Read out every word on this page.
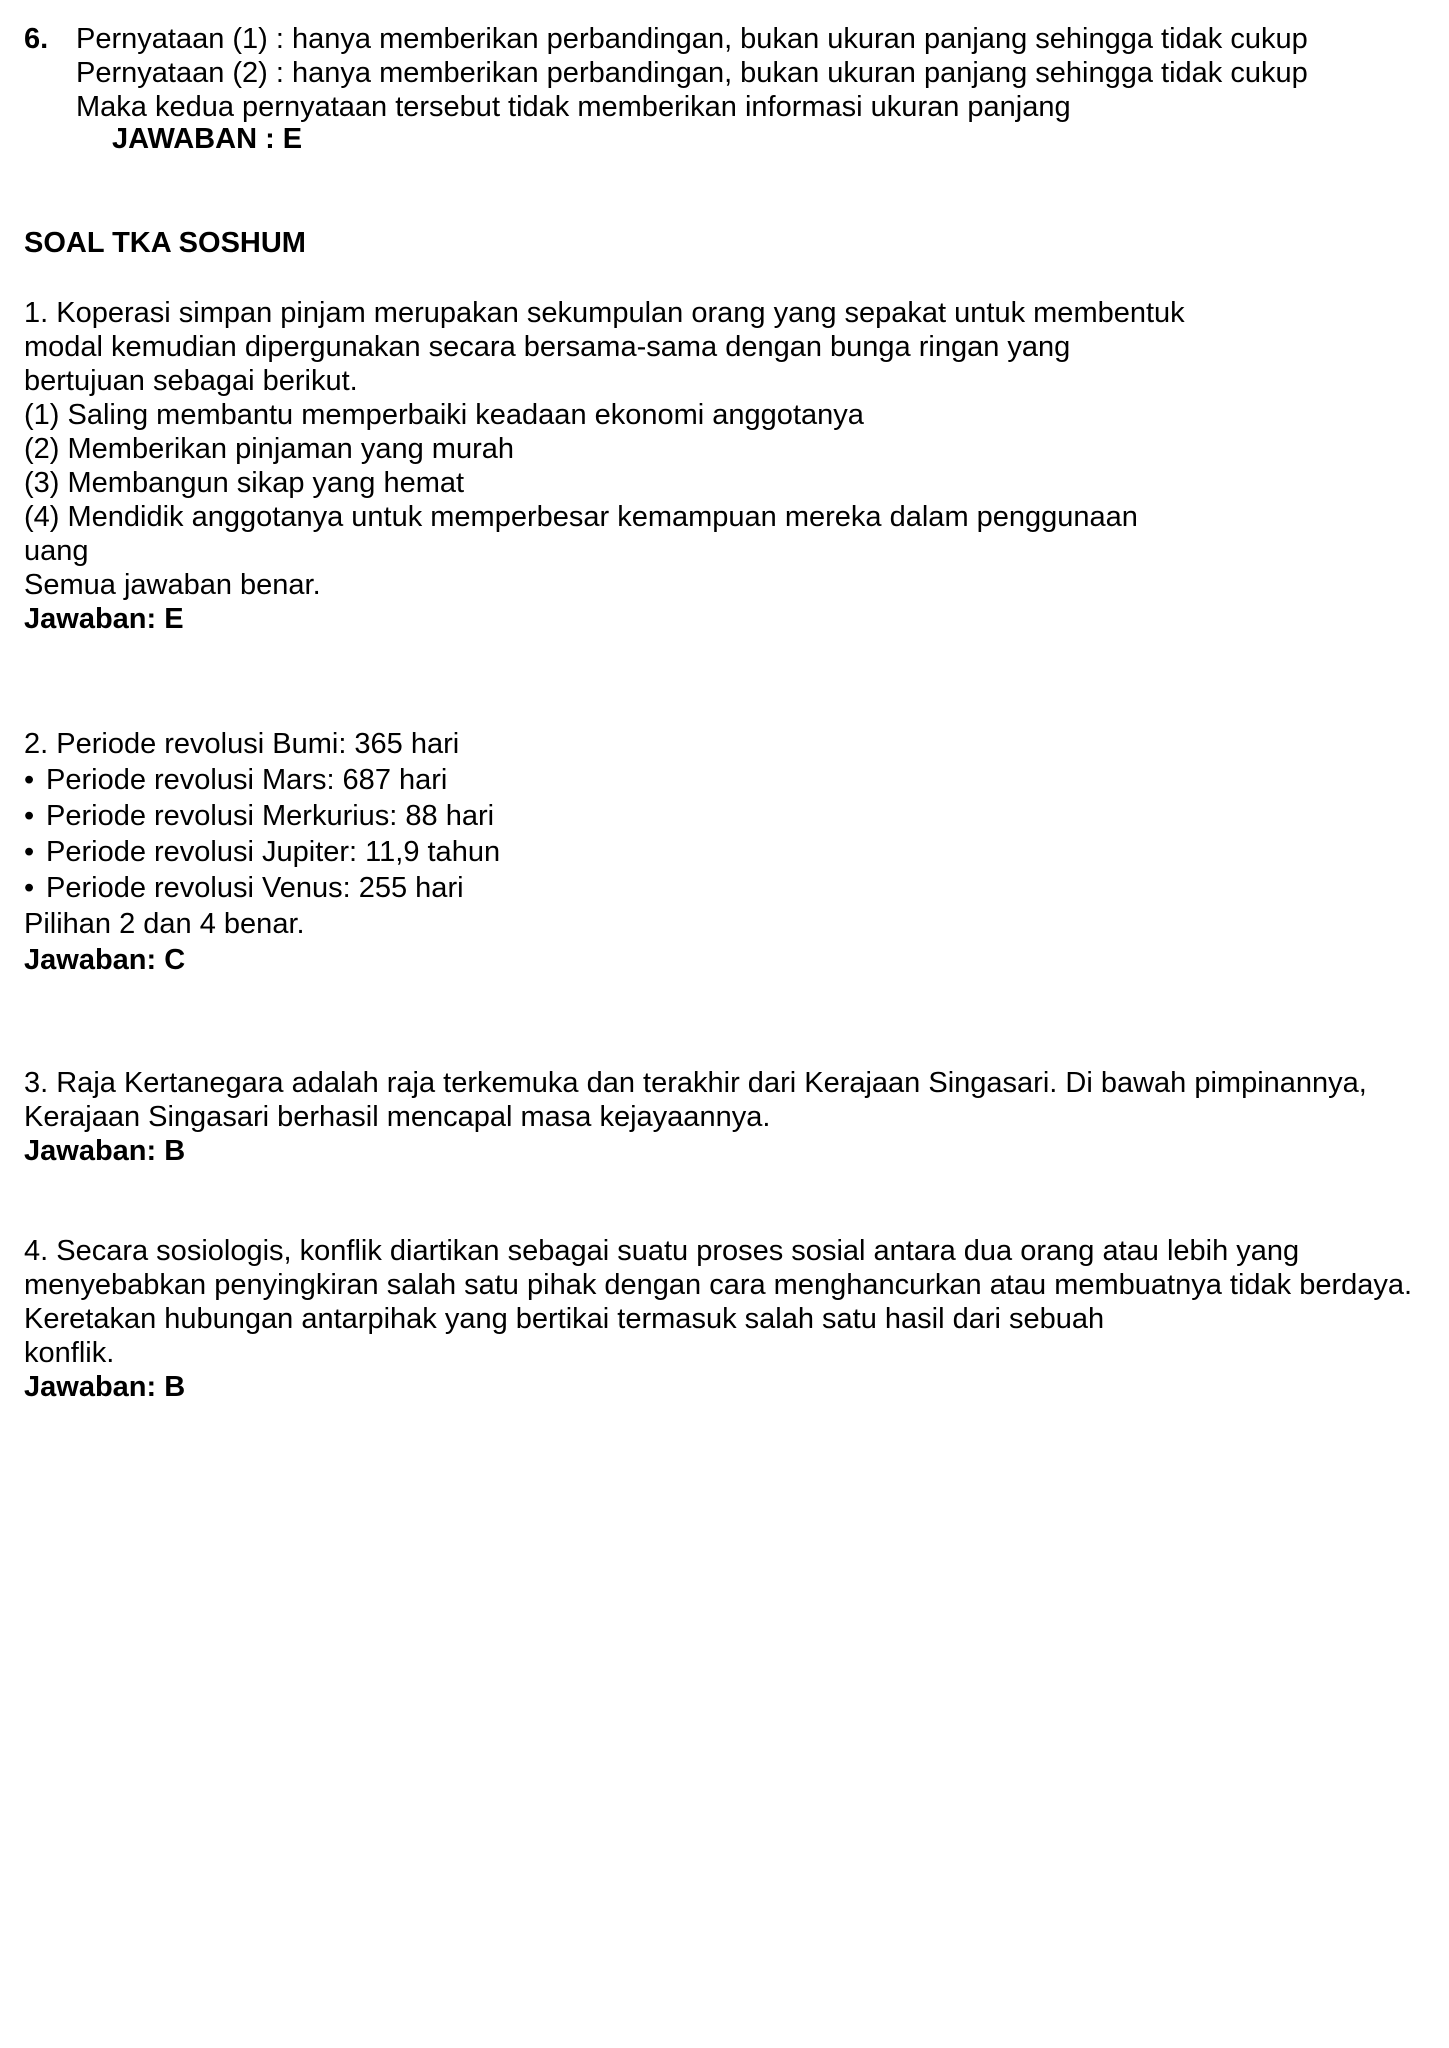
6. Pernyataan (1) : hanya memberikan perbandingan, bukan ukuran panjang sehingga tidak cukup
Pernyataan (2) : hanya memberikan perbandingan, bukan ukuran panjang sehingga tidak cukup
Maka kedua pernyataan tersebut tidak memberikan informasi ukuran panjang
JAWABAN : E
SOAL TKA SOSHUM
1. Koperasi simpan pinjam merupakan sekumpulan orang yang sepakat untuk membentuk
modal kemudian dipergunakan secara bersama-sama dengan bunga ringan yang
bertujuan sebagai berikut.
(1) Saling membantu memperbaiki keadaan ekonomi anggotanya
(2) Memberikan pinjaman yang murah
(3) Membangun sikap yang hemat
(4) Mendidik anggotanya untuk memperbesar kemampuan mereka dalam penggunaan
uang
Semua jawaban benar.
Jawaban: E
2. Periode revolusi Bumi: 365 hari
• Periode revolusi Mars: 687 hari
• Periode revolusi Merkurius: 88 hari
• Periode revolusi Jupiter: 11,9 tahun
• Periode revolusi Venus: 255 hari
Pilihan 2 dan 4 benar.
Jawaban: C
3. Raja Kertanegara adalah raja terkemuka dan terakhir dari Kerajaan Singasari. Di bawah pimpinannya,
Kerajaan Singasari berhasil mencapal masa kejayaannya.
Jawaban: B
4. Secara sosiologis, konflik diartikan sebagai suatu proses sosial antara dua orang atau lebih yang
menyebabkan penyingkiran salah satu pihak dengan cara menghancurkan atau membuatnya tidak berdaya.
Keretakan hubungan antarpihak yang bertikai termasuk salah satu hasil dari sebuah
konflik.
Jawaban: B
